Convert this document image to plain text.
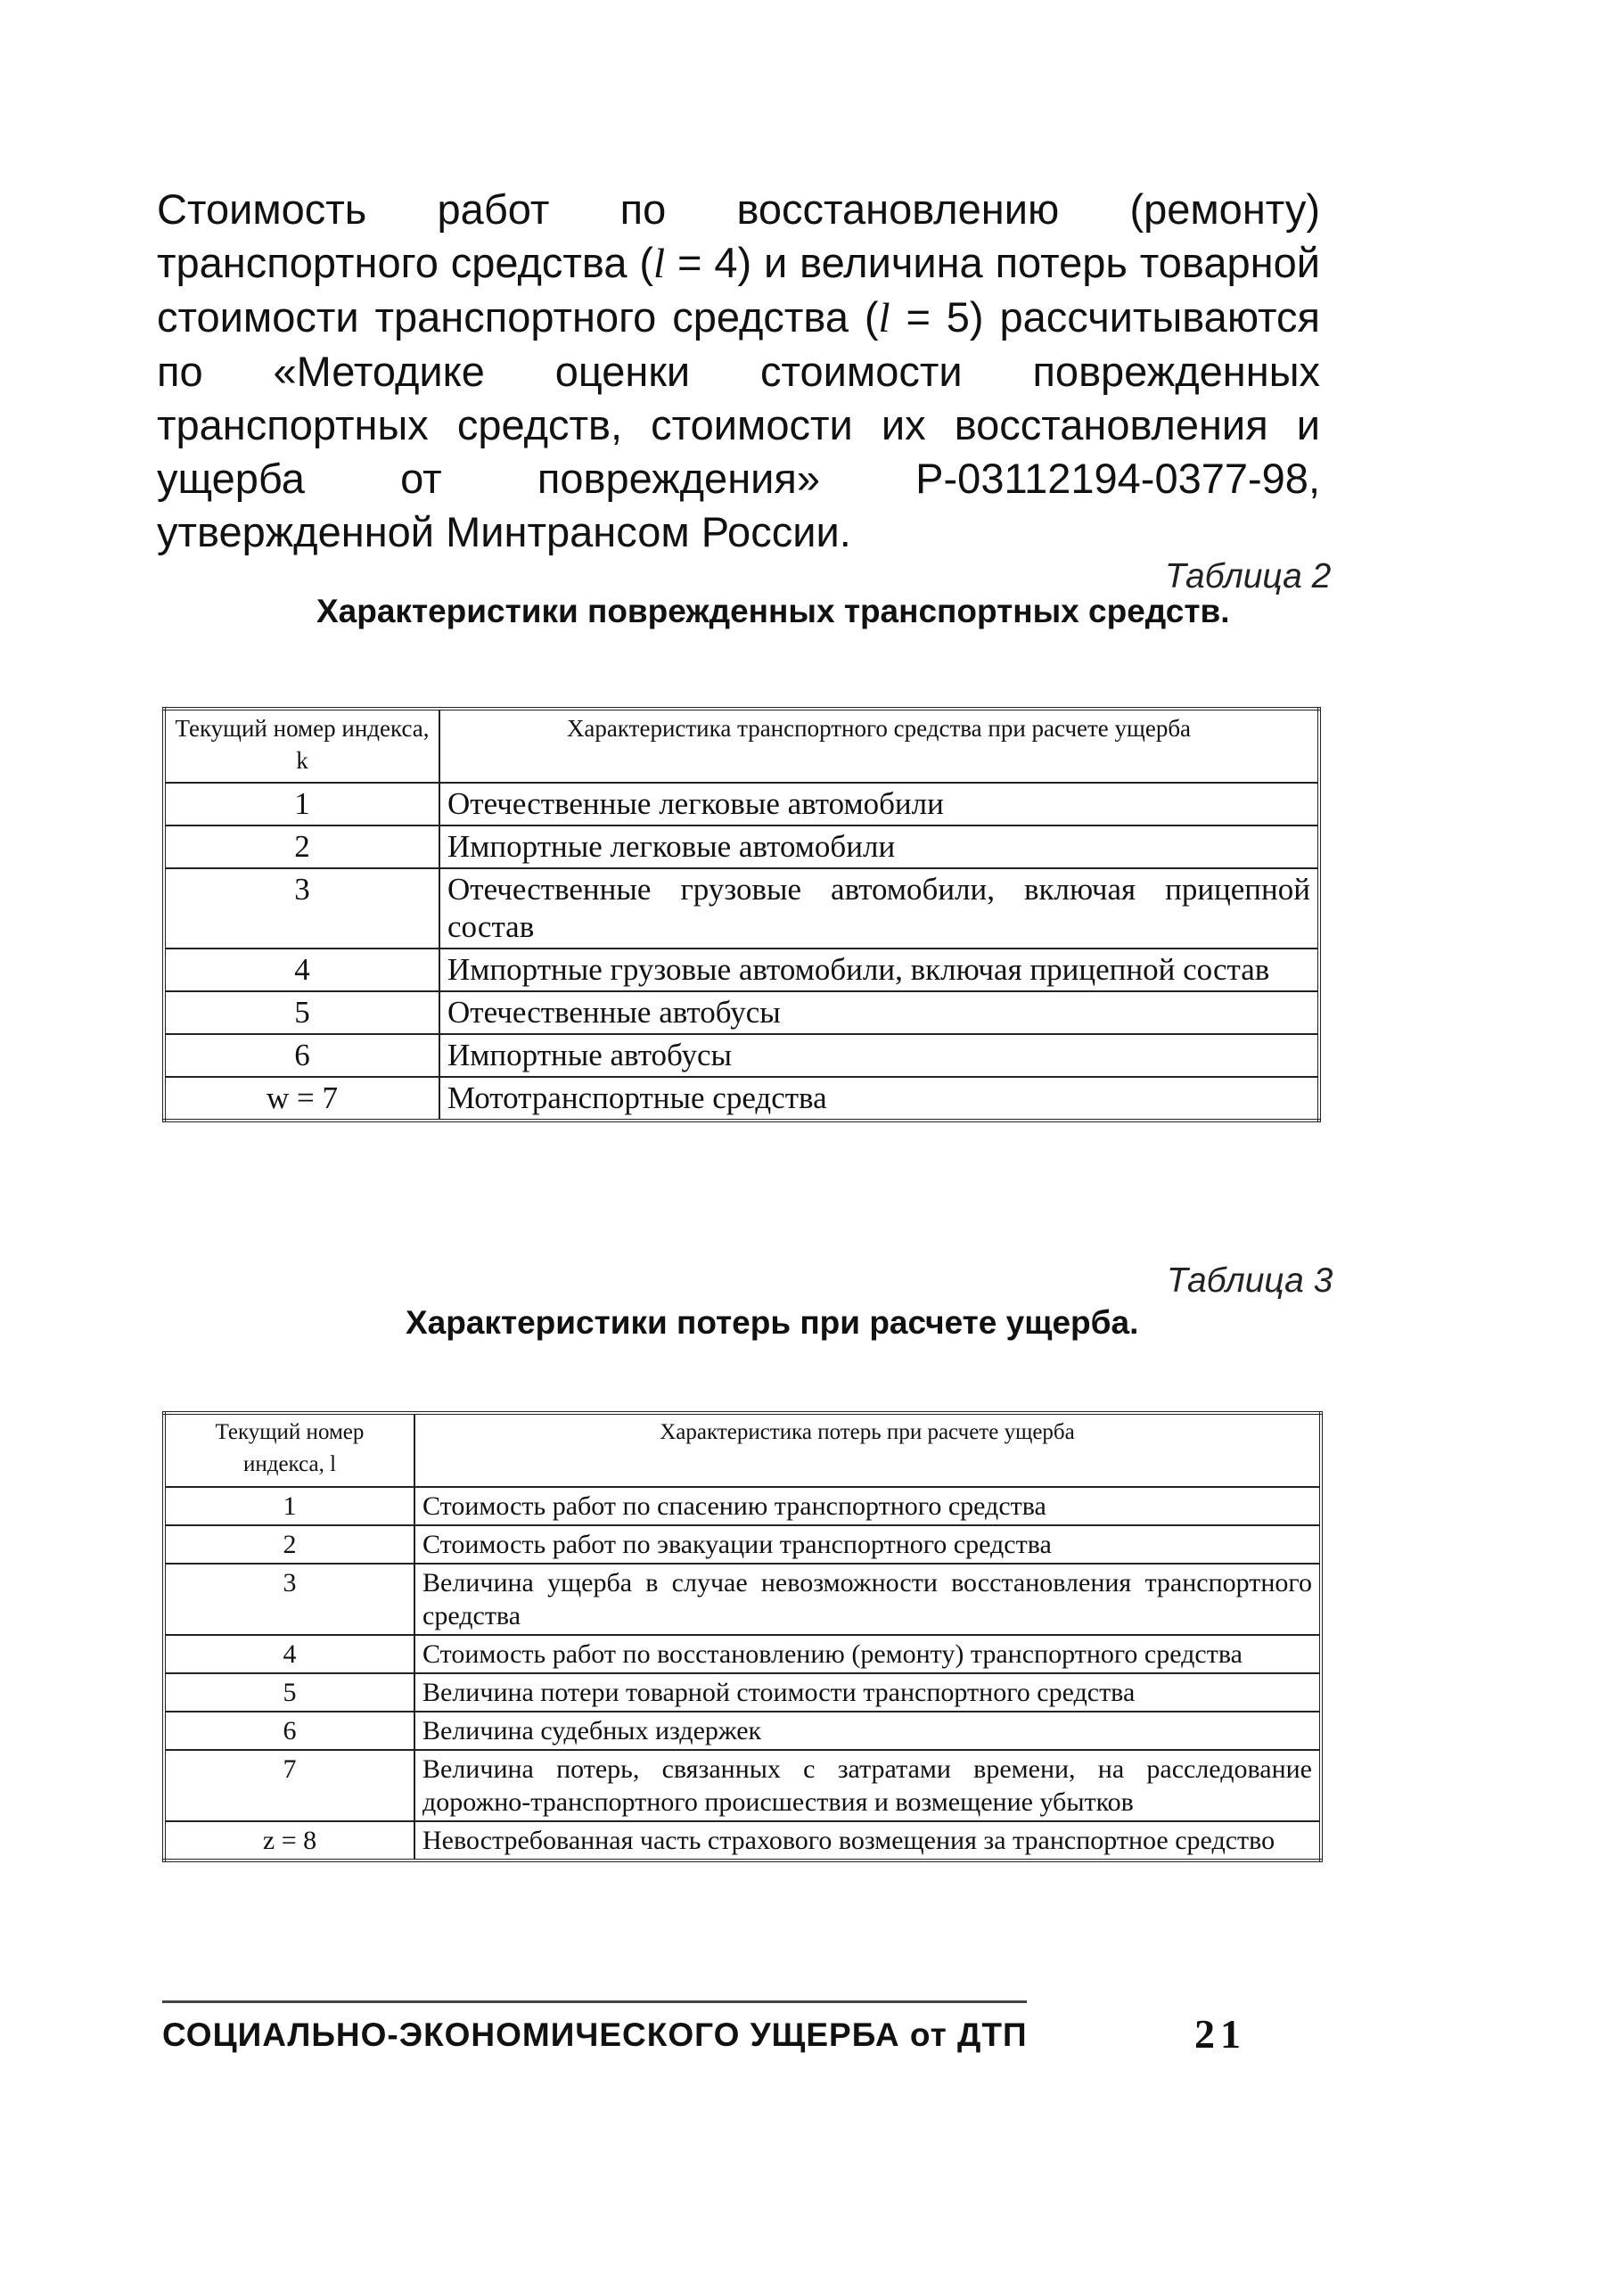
Стоимость работ по восстановлению (ремонту) транспортного средства (l = 4) и величина потерь товарной стоимости транспортного средства (l = 5) рассчитываются по «Методике оценки стоимости поврежденных транспортных средств, стоимости их восстановления и ущерба от повреждения» Р-03112194-0377-98, утвержденной Минтрансом России.

Таблица 2
Характеристики поврежденных транспортных средств.
Текущий номер индекса, k	Характеристика транспортного средства при расчете ущерба
1	Отечественные легковые автомобили
2	Импортные легковые автомобили
3	Отечественные грузовые автомобили, включая прицепной состав
4	Импортные грузовые автомобили, включая прицепной состав
5	Отечественные автобусы
6	Импортные автобусы
w = 7	Мототранспортные средства
Таблица 3
Характеристики потерь при расчете ущерба.
Текущий номер индекса, l	Характеристика потерь при расчете ущерба
1	Стоимость работ по спасению транспортного средства
2	Стоимость работ по эвакуации транспортного средства
3	Величина ущерба в случае невозможности восстановления транспортного средства
4	Стоимость работ по восстановлению (ремонту) транспортного средства
5	Величина потери товарной стоимости транспортного средства
6	Величина судебных издержек
7	Величина потерь, связанных с затратами времени, на расследование дорожно-транспортного происшествия и возмещение убытков
z = 8	Невостребованная часть страхового возмещения за транспортное средство
СОЦИАЛЬНО-ЭКОНОМИЧЕСКОГО УЩЕРБА от ДТП	21
